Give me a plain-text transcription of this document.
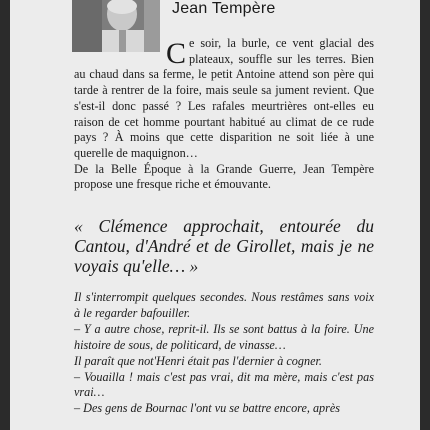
Jean Tempère
C e soir, la burle, ce vent glacial des plateaux, souffle sur les terres. Bien au chaud dans sa ferme, le petit Antoine attend son père qui tarde à rentrer de la foire, mais seule sa jument revient. Que s'est-il donc passé ? Les rafales meurtrières ont-elles eu raison de cet homme pourtant habitué au climat de ce rude pays ? À moins que cette disparition ne soit liée à une querelle de maquignon…

De la Belle Époque à la Grande Guerre, Jean Tempère propose une fresque riche et émouvante.

« Clémence approchait, entourée du Cantou, d'André et de Girollet, mais je ne voyais qu'elle… »

Il s'interrompit quelques secondes. Nous restâmes sans voix à le regarder bafouiller.

– Y a autre chose, reprit-il. Ils se sont battus à la foire. Une histoire de sous, de politicard, de vinasse…

Il paraît que not'Henri était pas l'dernier à cogner.

– Vouailla ! mais c'est pas vrai, dit ma mère, mais c'est pas vrai…

– Des gens de Bournac l'ont vu se battre encore, après
